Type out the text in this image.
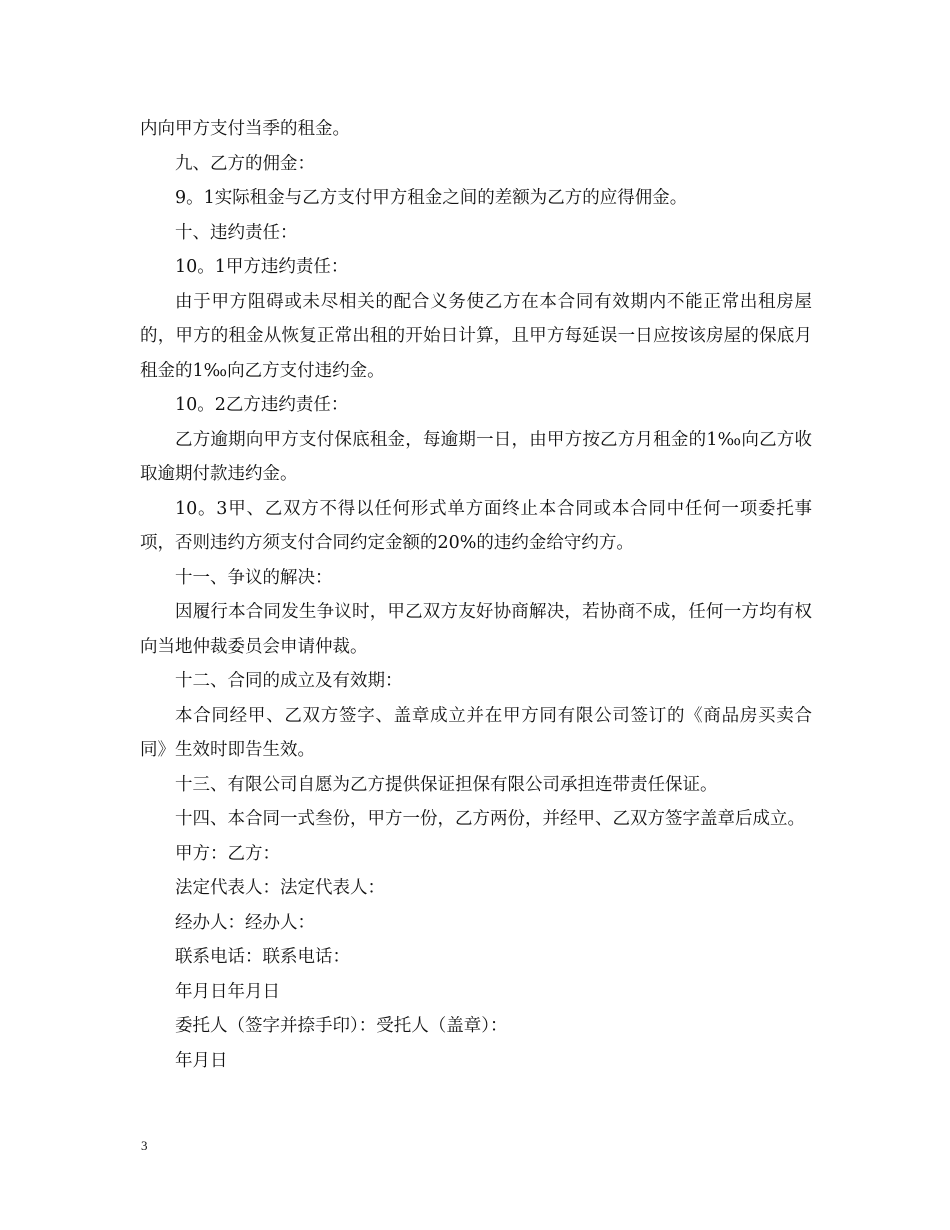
内向甲方支付当季的租金。

九、乙方的佣金：

9。1实际租金与乙方支付甲方租金之间的差额为乙方的应得佣金。

十、违约责任：

10。1甲方违约责任：

由于甲方阻碍或未尽相关的配合义务使乙方在本合同有效期内不能正常出租房屋的，甲方的租金从恢复正常出租的开始日计算，且甲方每延误一日应按该房屋的保底月租金的1‰向乙方支付违约金。

10。2乙方违约责任：

乙方逾期向甲方支付保底租金，每逾期一日，由甲方按乙方月租金的1‰向乙方收取逾期付款违约金。

10。3甲、乙双方不得以任何形式单方面终止本合同或本合同中任何一项委托事项，否则违约方须支付合同约定金额的20%的违约金给守约方。

十一、争议的解决：

因履行本合同发生争议时，甲乙双方友好协商解决，若协商不成，任何一方均有权向当地仲裁委员会申请仲裁。

十二、合同的成立及有效期：

本合同经甲、乙双方签字、盖章成立并在甲方同有限公司签订的《商品房买卖合同》生效时即告生效。

十三、有限公司自愿为乙方提供保证担保有限公司承担连带责任保证。

十四、本合同一式叁份，甲方一份，乙方两份，并经甲、乙双方签字盖章后成立。

甲方：乙方：

法定代表人：法定代表人：

经办人：经办人：

联系电话：联系电话：

年月日年月日

委托人（签字并捺手印）：受托人（盖章）：

年月日

3
